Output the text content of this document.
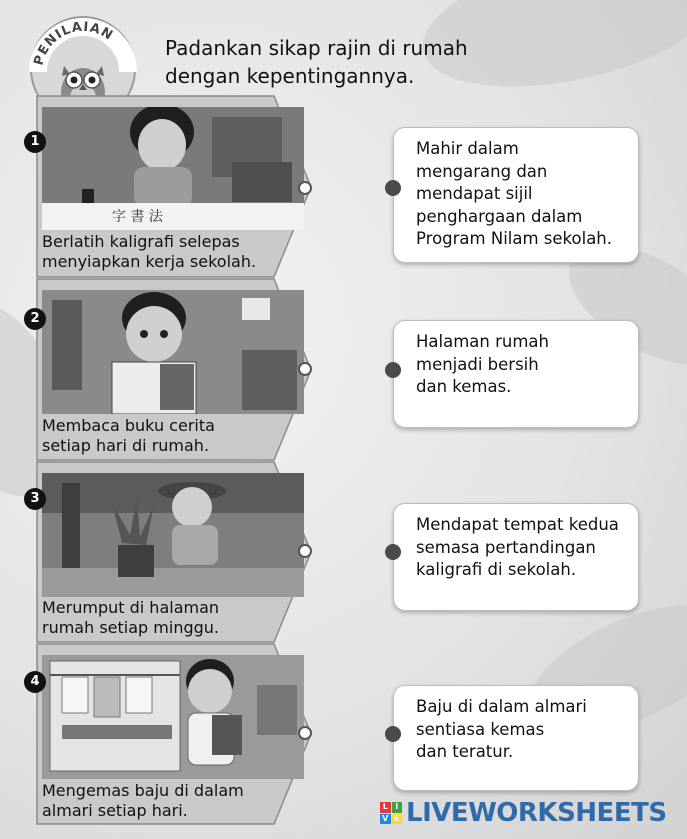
PENILAIAN
Padankan sikap rajin di rumah
dengan kepentingannya.
字 書 法
Berlatih kaligrafi selepas
menyiapkan kerja sekolah.
1
Membaca buku cerita
setiap hari di rumah.
2
Merumput di halaman
rumah setiap minggu.
3
Mengemas baju di dalam
almari setiap hari.
4
Mahir dalam
mengarang dan
mendapat sijil
penghargaan dalam
Program Nilam sekolah.
Halaman rumah
menjadi bersih
dan kemas.
Mendapat tempat kedua
semasa pertandingan
kaligrafi di sekolah.
Baju di dalam almari
sentiasa kemas
dan teratur.
L I
V E LIVEWORKSHEETS
